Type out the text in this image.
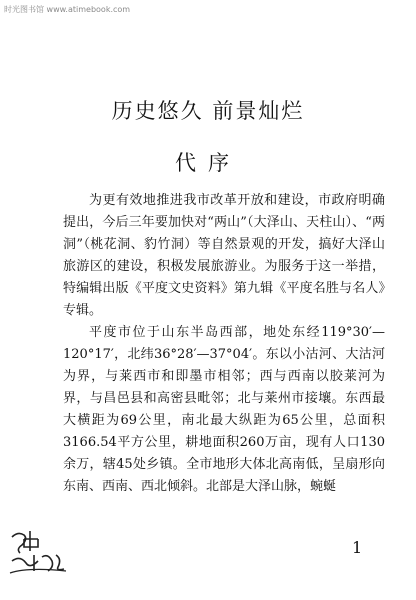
时光图书馆 www.atimebook.com
历史悠久 前景灿烂
代序

为更有效地推进我市改革开放和建设，市政府明确提出，今后三年要加快对“两山”（大泽山、天柱山）、“两洞”（桃花洞、豹竹洞）等自然景观的开发，搞好大泽山旅游区的建设，积极发展旅游业。为服务于这一举措，特编辑出版《平度文史资料》第九辑《平度名胜与名人》专辑。

平度市位于山东半岛西部，地处东经119°30′—120°17′，北纬36°28′—37°04′。东以小沽河、大沽河为界，与莱西市和即墨市相邻；西与西南以胶莱河为界，与昌邑县和高密县毗邻；北与莱州市接壤。东西最大横距为69公里，南北最大纵距为65公里，总面积3166.54平方公里，耕地面积260万亩，现有人口130余万，辖45处乡镇。全市地形大体北高南低，呈扇形向东南、西南、西北倾斜。北部是大泽山脉，蜿蜒

1
